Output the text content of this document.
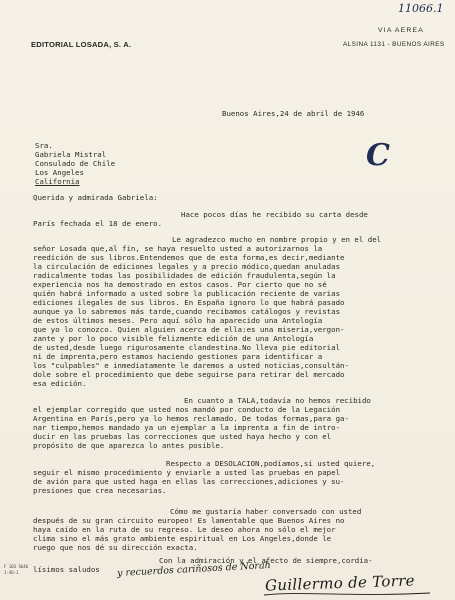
11066.1
EDITORIAL LOSADA, S. A.
VIA AEREA
ALSINA 1131 - BUENOS AIRES
Buenos Aires,24 de abril de 1946
Sra.
Gabriela Mistral
Consulado de Chile
Los Angeles
California
C
Querida y admirada Gabriela:
Hace pocos días he recibido su carta desde
París fechada el 18 de enero.
Le agradezco mucho en nombre propio y en el del
señor Losada que,al fin, se haya resuelto usted a autorizarnos la
reedición de sus libros.Entendemos que de esta forma,es decir,mediante
la circulación de ediciones legales y a precio módico,quedan anuladas
radicalmente todas las posibilidades de edición fraudulenta,según la
experiencia nos ha demostrado en estos casos. Por cierto que no sé
quién habrá informado a usted sobre la publicación reciente de varias
ediciones ilegales de sus libros. En España ignoro lo que habrá pasado
aunque ya lo sabremos más tarde,cuando recibamos catálogos y revistas
de estos últimos meses. Pero aquí sólo ha aparecido una Antología
que yo lo conozco. Quien alguien acerca de ella:es una miseria,vergon-
zante y por lo poco visible felizmente edición de una Antología
de usted,desde luego rigurosamente clandestina.No lleva pie editorial
ni de imprenta,pero estamos haciendo gestiones para identificar a
los "culpables" e inmediatamente le daremos a usted noticias,consultán-
dole sobre el procedimiento que debe seguirse para retirar del mercado
esa edición.
En cuanto a TALA,todavía no hemos recibido
el ejemplar corregido que usted nos mandó por conducto de la Legación
Argentina en París,pero ya lo hemos reclamado. De todas formas,para ga-
nar tiempo,hemos mandado ya un ejemplar a la imprenta a fin de intro-
ducir en las pruebas las correcciones que usted haya hecho y con el
propósito de que aparezca lo antes posible.
Respecto a DESOLACION,podíamos,si usted quiere,
seguir el mismo procedimiento y enviarle a usted las pruebas en papel
de avión para que usted haga en ellas las correcciones,adiciones y su-
presiones que crea necesarias.
Cómo me gustaría haber conversado con usted
después de su gran circuito europeo! Es lamentable que Buenos Aires no
haya caído en la ruta de su regreso. Le deseo ahora no sólo el mejor
clima sino el más grato ambiente espiritual en Los Angeles,donde le
ruego que nos dé su dirección exacta.
Con la admiración y el afecto de siempre,cordia-
lísimos saludos y recuerdos cariñosos de Norah
Guillermo de Torre
F 103 Sb46
1-46-1
